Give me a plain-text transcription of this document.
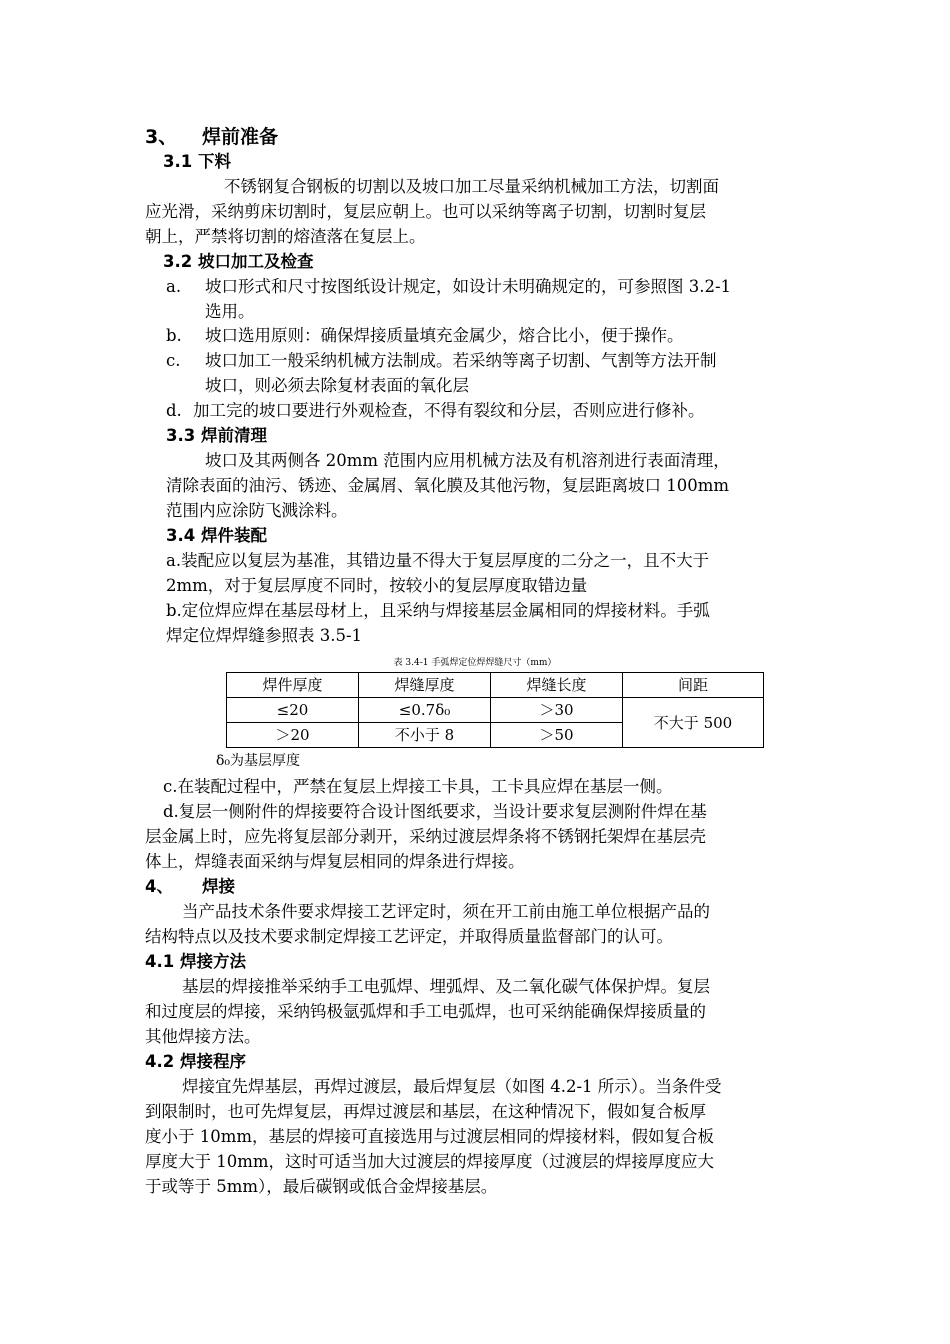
3、 焊前准备
3.1 下料
不锈钢复合钢板的切割以及坡口加工尽量采纳机械加工方法，切割面
应光滑，采纳剪床切割时，复层应朝上。也可以采纳等离子切割，切割时复层
朝上，严禁将切割的熔渣落在复层上。
3.2 坡口加工及检查
a. 坡口形式和尺寸按图纸设计规定，如设计未明确规定的，可参照图 3.2-1
选用。
b. 坡口选用原则：确保焊接质量填充金属少，熔合比小，便于操作。
c. 坡口加工一般采纳机械方法制成。若采纳等离子切割、气割等方法开制
坡口，则必须去除复材表面的氧化层
d. 加工完的坡口要进行外观检查，不得有裂纹和分层，否则应进行修补。
3.3 焊前清理
坡口及其两侧各 20mm 范围内应用机械方法及有机溶剂进行表面清理，
清除表面的油污、锈迹、金属屑、氧化膜及其他污物，复层距离坡口 100mm
范围内应涂防飞溅涂料。
3.4 焊件装配
a.装配应以复层为基准，其错边量不得大于复层厚度的二分之一，且不大于
2mm，对于复层厚度不同时，按较小的复层厚度取错边量
b.定位焊应焊在基层母材上，且采纳与焊接基层金属相同的焊接材料。手弧
焊定位焊焊缝参照表 3.5-1
表 3.4-1 手弧焊定位焊焊缝尺寸（mm）
焊件厚度	焊缝厚度	焊缝长度	间距
≤20	≤0.7δ₀	＞30	不大于 500
＞20	不小于 8	＞50	
δ₀为基层厚度
c.在装配过程中，严禁在复层上焊接工卡具，工卡具应焊在基层一侧。
d.复层一侧附件的焊接要符合设计图纸要求，当设计要求复层测附件焊在基
层金属上时，应先将复层部分剥开，采纳过渡层焊条将不锈钢托架焊在基层壳
体上，焊缝表面采纳与焊复层相同的焊条进行焊接。
4、 焊接
当产品技术条件要求焊接工艺评定时，须在开工前由施工单位根据产品的
结构特点以及技术要求制定焊接工艺评定，并取得质量监督部门的认可。
4.1 焊接方法
基层的焊接推举采纳手工电弧焊、埋弧焊、及二氧化碳气体保护焊。复层
和过度层的焊接，采纳钨极氩弧焊和手工电弧焊，也可采纳能确保焊接质量的
其他焊接方法。
4.2 焊接程序
焊接宜先焊基层，再焊过渡层，最后焊复层（如图 4.2-1 所示）。当条件受
到限制时，也可先焊复层，再焊过渡层和基层，在这种情况下，假如复合板厚
度小于 10mm，基层的焊接可直接选用与过渡层相同的焊接材料，假如复合板
厚度大于 10mm，这时可适当加大过渡层的焊接厚度（过渡层的焊接厚度应大
于或等于 5mm），最后碳钢或低合金焊接基层。
